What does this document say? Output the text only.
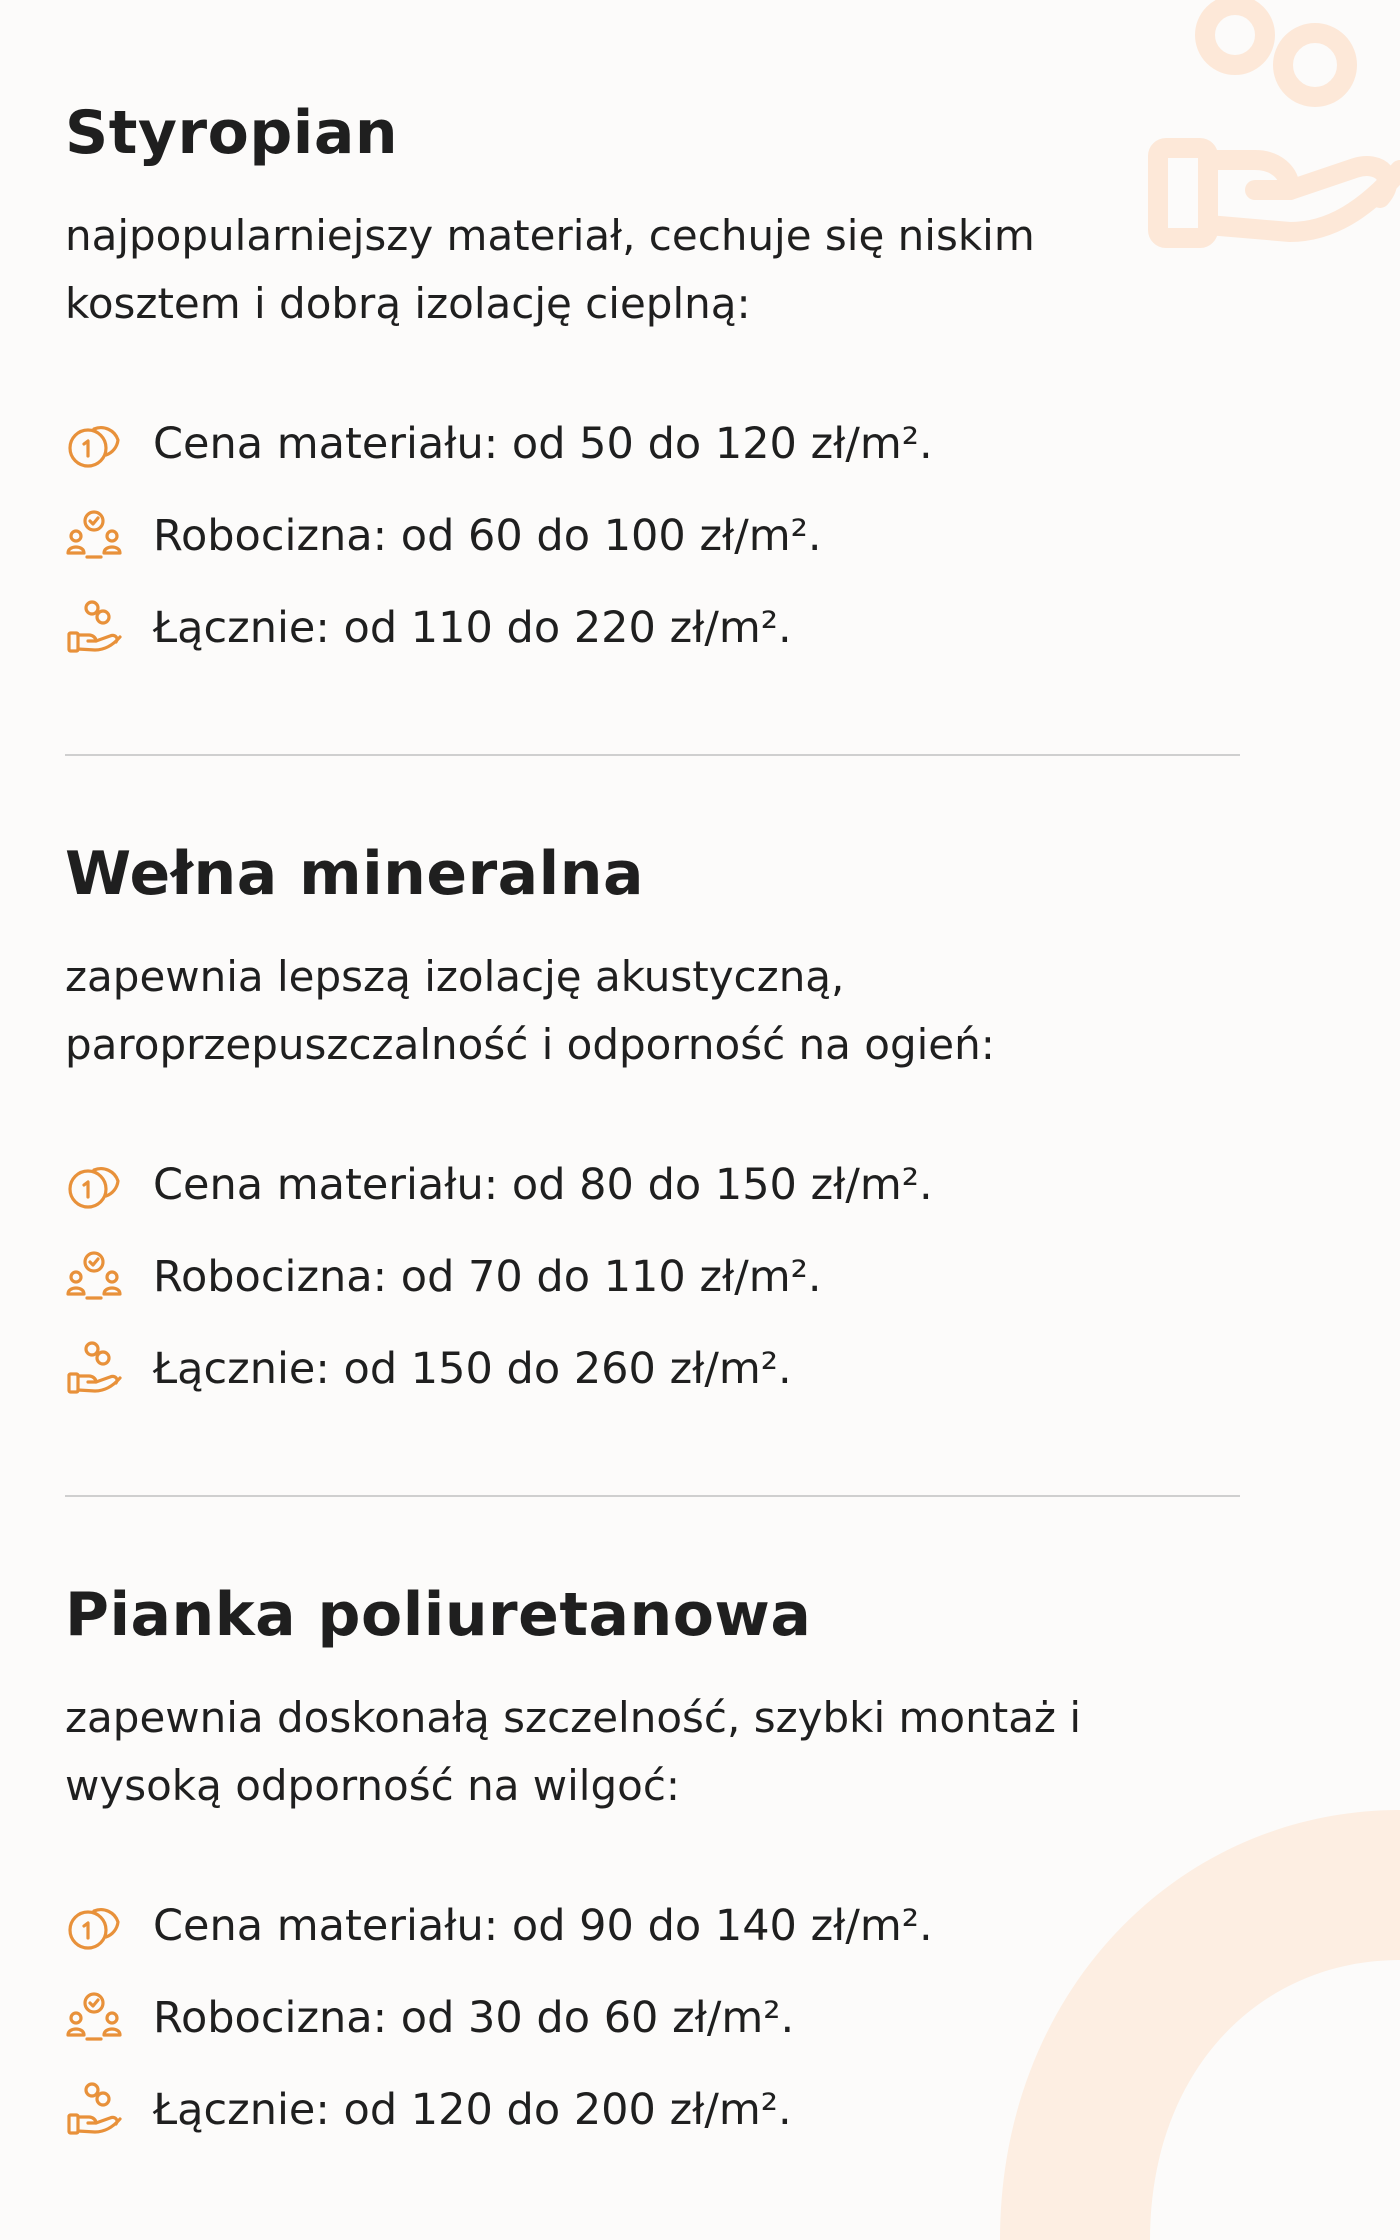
Styropian

najpopularniejszy materiał, cechuje się niskim kosztem i dobrą izolację cieplną:

Cena materiału: od 50 do 120 zł/m².
Robocizna: od 60 do 100 zł/m².
Łącznie: od 110 do 220 zł/m².
Wełna mineralna

zapewnia lepszą izolację akustyczną, paroprzepuszczalność i odporność na ogień:

Cena materiału: od 80 do 150 zł/m².
Robocizna: od 70 do 110 zł/m².
Łącznie: od 150 do 260 zł/m².
Pianka poliuretanowa

zapewnia doskonałą szczelność, szybki montaż i wysoką odporność na wilgoć:

Cena materiału: od 90 do 140 zł/m².
Robocizna: od 30 do 60 zł/m².
Łącznie: od 120 do 200 zł/m².
